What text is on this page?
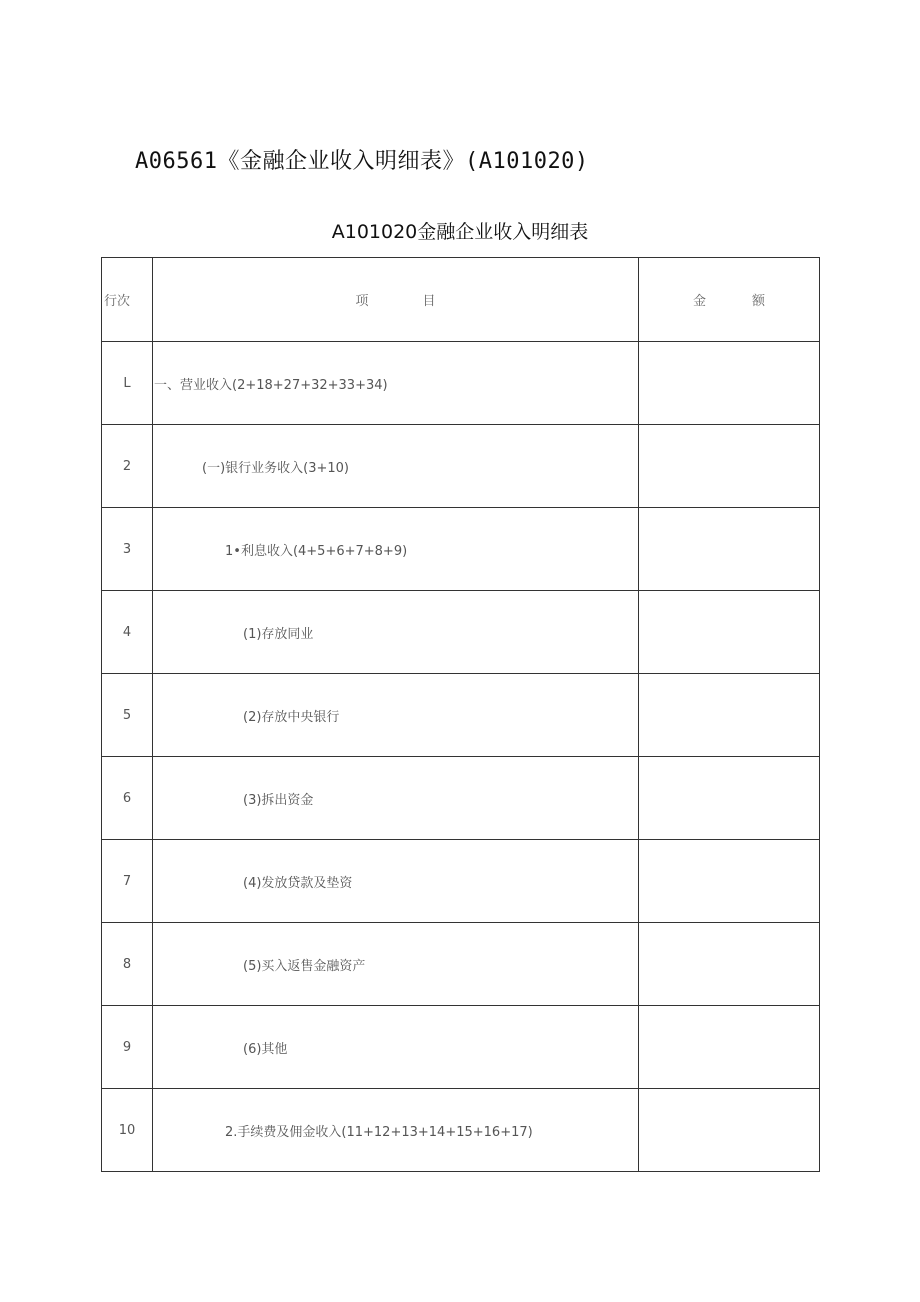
A06561《金融企业收入明细表》(A101020)
A101020金融企业收入明细表
行次	项 目	金 额
L	一、营业收入(2+18+27+32+33+34)	
2	(一)银行业务收入(3+10)	
3	1•利息收入(4+5+6+7+8+9)	
4	(1)存放同业	
5	(2)存放中央银行	
6	(3)拆出资金	
7	(4)发放贷款及垫资	
8	(5)买入返售金融资产	
9	(6)其他	
10	2.手续费及佣金收入(11+12+13+14+15+16+17)	
